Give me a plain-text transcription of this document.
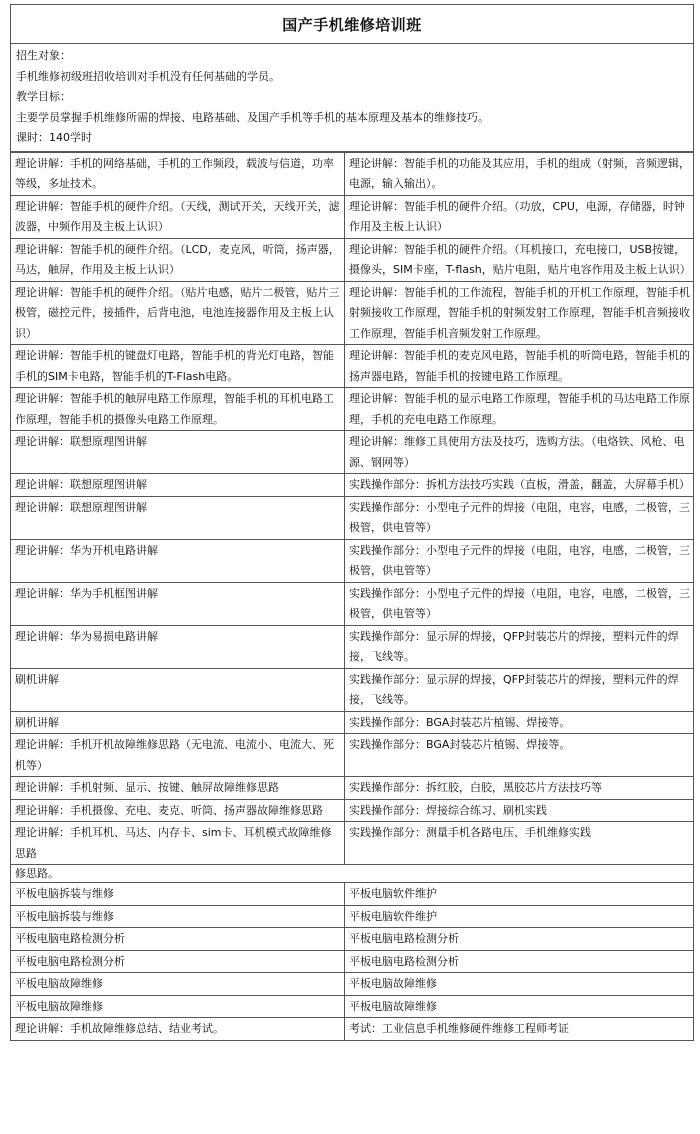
国产手机维修培训班
招生对象：
手机维修初级班招收培训对手机没有任何基础的学员。
教学目标：
主要学员掌握手机维修所需的焊接、电路基础、及国产手机等手机的基本原理及基本的维修技巧。
课时：140学时
理论讲解：手机的网络基础，手机的工作频段，载波与信道，功率等级，多址技术。	理论讲解：智能手机的功能及其应用，手机的组成（射频，音频逻辑，电源，输入输出）。
理论讲解：智能手机的硬件介绍。（天线，测试开关，天线开关，滤波器，中频作用及主板上认识）	理论讲解：智能手机的硬件介绍。（功放，CPU，电源，存储器，时钟作用及主板上认识）
理论讲解：智能手机的硬件介绍。（LCD，麦克风，听筒，扬声器，马达，触屏，作用及主板上认识）	理论讲解：智能手机的硬件介绍。（耳机接口，充电接口，USB按键，摄像头，SIM卡座，T-flash，贴片电阻，贴片电容作用及主板上认识）
理论讲解：智能手机的硬件介绍。（贴片电感，贴片二极管，贴片三极管，磁控元件，接插件，后背电池，电池连接器作用及主板上认识）	理论讲解：智能手机的工作流程，智能手机的开机工作原理，智能手机射频接收工作原理，智能手机的射频发射工作原理，智能手机音频接收工作原理，智能手机音频发射工作原理。
理论讲解：智能手机的键盘灯电路，智能手机的背光灯电路，智能手机的SIM卡电路，智能手机的T-Flash电路。	理论讲解：智能手机的麦克风电路，智能手机的听筒电路，智能手机的扬声器电路，智能手机的按键电路工作原理。
理论讲解：智能手机的触屏电路工作原理，智能手机的耳机电路工作原理，智能手机的摄像头电路工作原理。	理论讲解：智能手机的显示电路工作原理，智能手机的马达电路工作原理，手机的充电电路工作原理。
理论讲解：联想原理图讲解	理论讲解：维修工具使用方法及技巧，选购方法。（电烙铁、风枪、电源、钢网等）
理论讲解：联想原理图讲解	实践操作部分：拆机方法技巧实践（直板，滑盖，翻盖，大屏幕手机）
理论讲解：联想原理图讲解	实践操作部分：小型电子元件的焊接（电阻，电容，电感，二极管，三极管，供电管等）
理论讲解：华为开机电路讲解	实践操作部分：小型电子元件的焊接（电阻，电容，电感，二极管，三极管，供电管等）
理论讲解：华为手机框图讲解	实践操作部分：小型电子元件的焊接（电阻，电容，电感，二极管，三极管，供电管等）
理论讲解：华为易损电路讲解	实践操作部分：显示屏的焊接，QFP封装芯片的焊接，塑料元件的焊接，飞线等。
刷机讲解	实践操作部分：显示屏的焊接，QFP封装芯片的焊接，塑料元件的焊接，飞线等。
刷机讲解	实践操作部分：BGA封装芯片植锡、焊接等。
理论讲解：手机开机故障维修思路（无电流、电流小、电流大、死机等）	实践操作部分：BGA封装芯片植锡、焊接等。
理论讲解：手机射频、显示、按键、触屏故障维修思路	实践操作部分：拆红胶，白胶，黑胶芯片方法技巧等
理论讲解：手机摄像、充电、麦克、听筒、扬声器故障维修思路	实践操作部分：焊接综合练习、刷机实践
理论讲解：手机耳机、马达、内存卡、sim卡、耳机模式故障维修思路	实践操作部分：测量手机各路电压、手机维修实践
修思路。
平板电脑拆装与维修	平板电脑软件维护
平板电脑拆装与维修	平板电脑软件维护
平板电脑电路检测分析	平板电脑电路检测分析
平板电脑电路检测分析	平板电脑电路检测分析
平板电脑故障维修	平板电脑故障维修
平板电脑故障维修	平板电脑故障维修
理论讲解：手机故障维修总结、结业考试。	考试：工业信息手机维修硬件维修工程师考证
